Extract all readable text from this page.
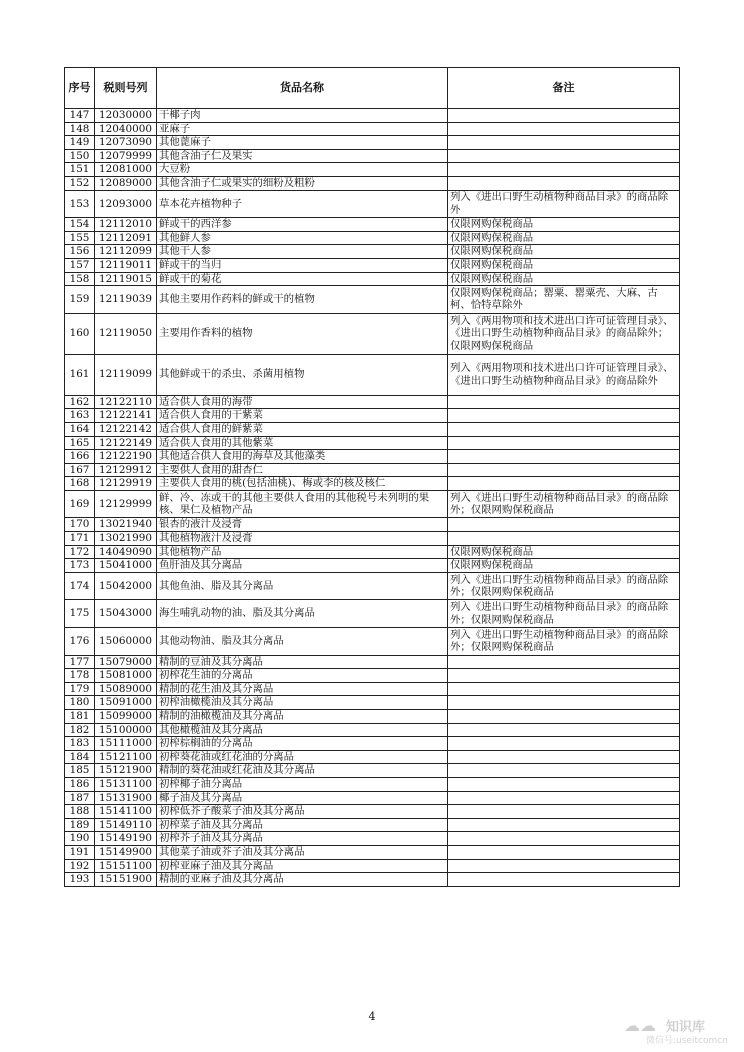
序号	税则号列	货品名称	备注
147	12030000	干椰子肉	
148	12040000	亚麻子	
149	12073090	其他蓖麻子	
150	12079999	其他含油子仁及果实	
151	12081000	大豆粉	
152	12089000	其他含油子仁或果实的细粉及粗粉	
153	12093000	草本花卉植物种子	列入《进出口野生动植物种商品目录》的商品除外
154	12112010	鲜或干的西洋参	仅限网购保税商品
155	12112091	其他鲜人参	仅限网购保税商品
156	12112099	其他干人参	仅限网购保税商品
157	12119011	鲜或干的当归	仅限网购保税商品
158	12119015	鲜或干的菊花	仅限网购保税商品
159	12119039	其他主要用作药料的鲜或干的植物	仅限网购保税商品；罂粟、罂粟壳、大麻、古柯、恰特草除外
160	12119050	主要用作香料的植物	列入《两用物项和技术进出口许可证管理目录》、《进出口野生动植物种商品目录》的商品除外；仅限网购保税商品
161	12119099	其他鲜或干的杀虫、杀菌用植物	列入《两用物项和技术进出口许可证管理目录》、《进出口野生动植物种商品目录》的商品除外
162	12122110	适合供人食用的海带	
163	12122141	适合供人食用的干紫菜	
164	12122142	适合供人食用的鲜紫菜	
165	12122149	适合供人食用的其他紫菜	
166	12122190	其他适合供人食用的海草及其他藻类	
167	12129912	主要供人食用的甜杏仁	
168	12129919	主要供人食用的桃(包括油桃)、梅或李的核及核仁	
169	12129999	鲜、冷、冻或干的其他主要供人食用的其他税号未列明的果核、果仁及植物产品	列入《进出口野生动植物种商品目录》的商品除外；仅限网购保税商品
170	13021940	银杏的液汁及浸膏	
171	13021990	其他植物液汁及浸膏	
172	14049090	其他植物产品	仅限网购保税商品
173	15041000	鱼肝油及其分离品	仅限网购保税商品
174	15042000	其他鱼油、脂及其分离品	列入《进出口野生动植物种商品目录》的商品除外；仅限网购保税商品
175	15043000	海生哺乳动物的油、脂及其分离品	列入《进出口野生动植物种商品目录》的商品除外；仅限网购保税商品
176	15060000	其他动物油、脂及其分离品	列入《进出口野生动植物种商品目录》的商品除外；仅限网购保税商品
177	15079000	精制的豆油及其分离品	
178	15081000	初榨花生油的分离品	
179	15089000	精制的花生油及其分离品	
180	15091000	初榨油橄榄油及其分离品	
181	15099000	精制的油橄榄油及其分离品	
182	15100000	其他橄榄油及其分离品	
183	15111000	初榨棕榈油的分离品	
184	15121100	初榨葵花油或红花油的分离品	
185	15121900	精制的葵花油或红花油及其分离品	
186	15131100	初榨椰子油分离品	
187	15131900	椰子油及其分离品	
188	15141100	初榨低芥子酸菜子油及其分离品	
189	15149110	初榨菜子油及其分离品	
190	15149190	初榨芥子油及其分离品	
191	15149900	其他菜子油或芥子油及其分离品	
192	15151100	初榨亚麻子油及其分离品	
193	15151900	精制的亚麻子油及其分离品	
4	☁☁ 知识库
微信号:useitcomcn
